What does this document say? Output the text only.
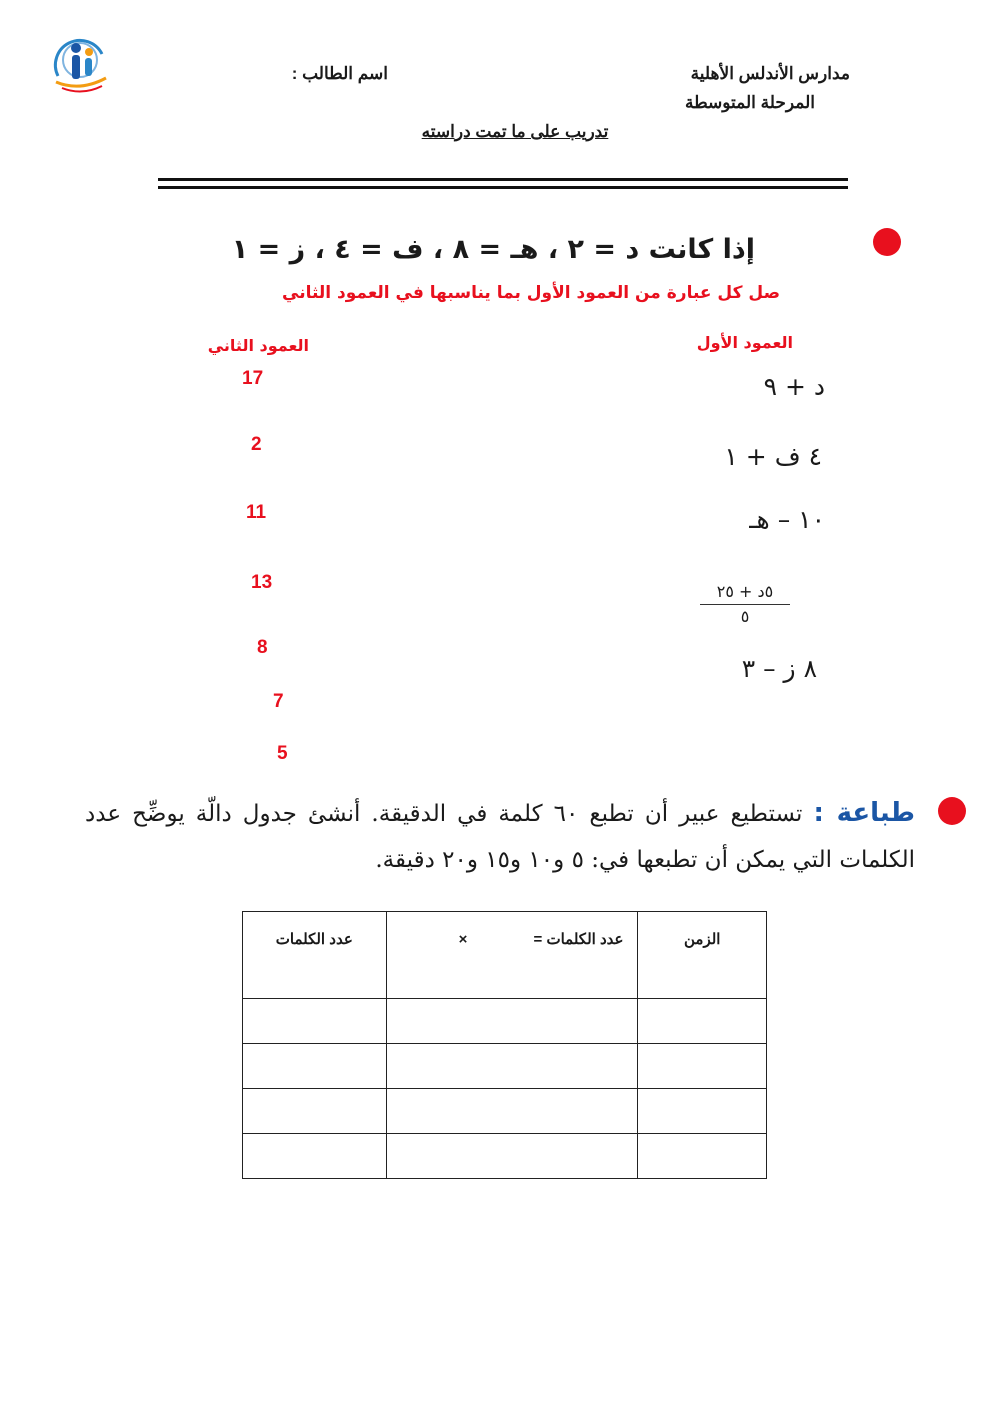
مدارس الأندلس الأهلية
المرحلة المتوسطة
اسم الطالب :
تدريب على ما تمت دراسته
إذا كانت د = ٢ ، هـ = ٨ ، ف = ٤ ، ز = ١
صل كل عبارة من العمود الأول بما يناسبها في العمود الثاني
العمود الأول
العمود الثاني
د + ٩
٤ ف + ١
١٠ – هـ
٥د + ٢٥
٥
٨ ز – ٣
17
2
11
13
8
7
5
طباعة : تستطيع عبير أن تطبع ٦٠ كلمة في الدقيقة. أنشئ جدول دالّة يوضِّح عدد الكلمات التي يمكن أن تطبعها في: ٥ و١٠ و١٥ و٢٠ دقيقة.
الزمن	عدد الكلمات = ×	عدد الكلمات
